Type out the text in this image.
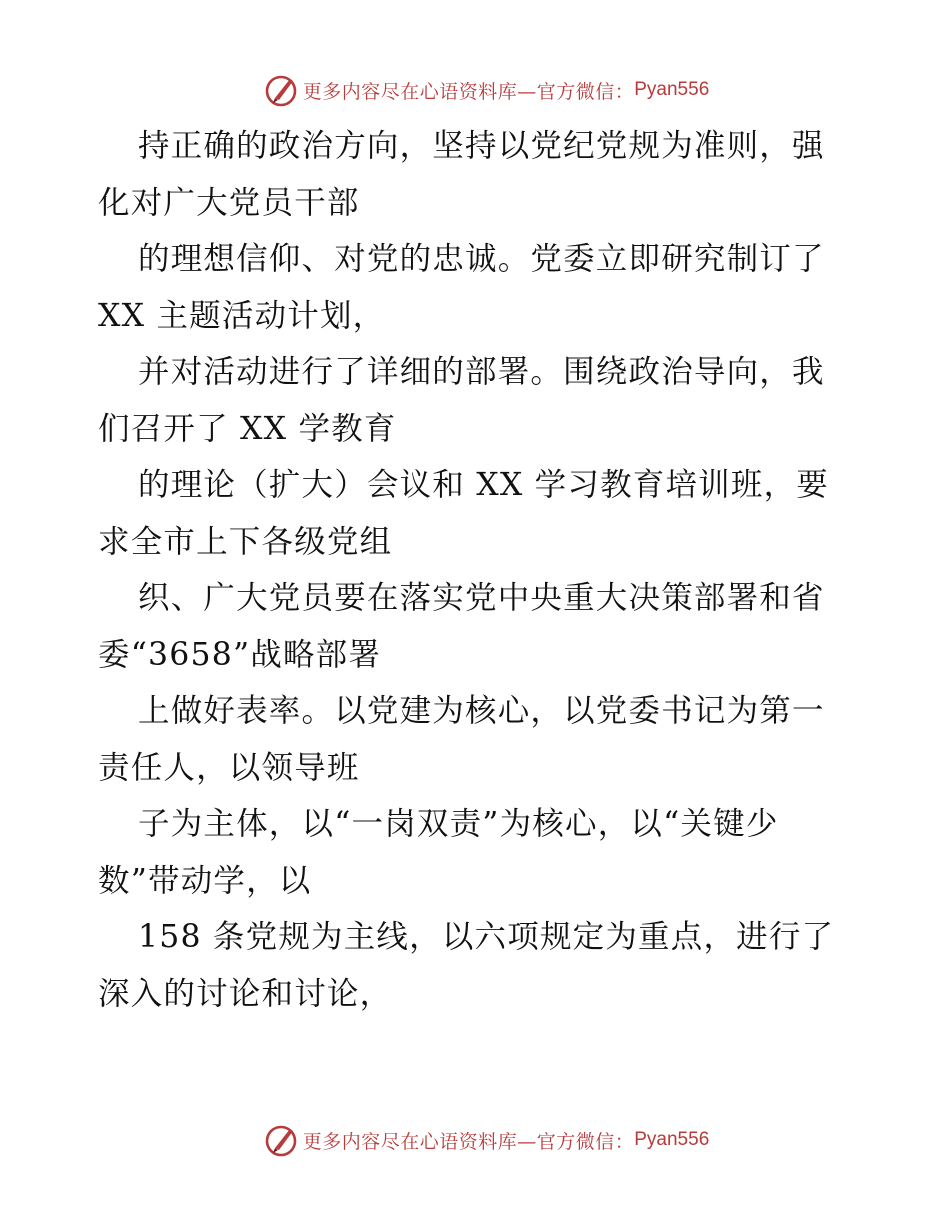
更多内容尽在心语资料库—官方微信： Pyan556
持正确的政治方向，坚持以党纪党规为准则，强
化对广大党员干部
的理想信仰、对党的忠诚。党委立即研究制订了
XX 主题活动计划，
并对活动进行了详细的部署。围绕政治导向，我
们召开了 XX 学教育
的理论（扩大）会议和 XX 学习教育培训班，要
求全市上下各级党组
织、广大党员要在落实党中央重大决策部署和省
委“3658”战略部署
上做好表率。以党建为核心，以党委书记为第一
责任人，以领导班
子为主体，以“一岗双责”为核心，以“关键少
数”带动学，以
158 条党规为主线，以六项规定为重点，进行了
深入的讨论和讨论，
更多内容尽在心语资料库—官方微信： Pyan556
